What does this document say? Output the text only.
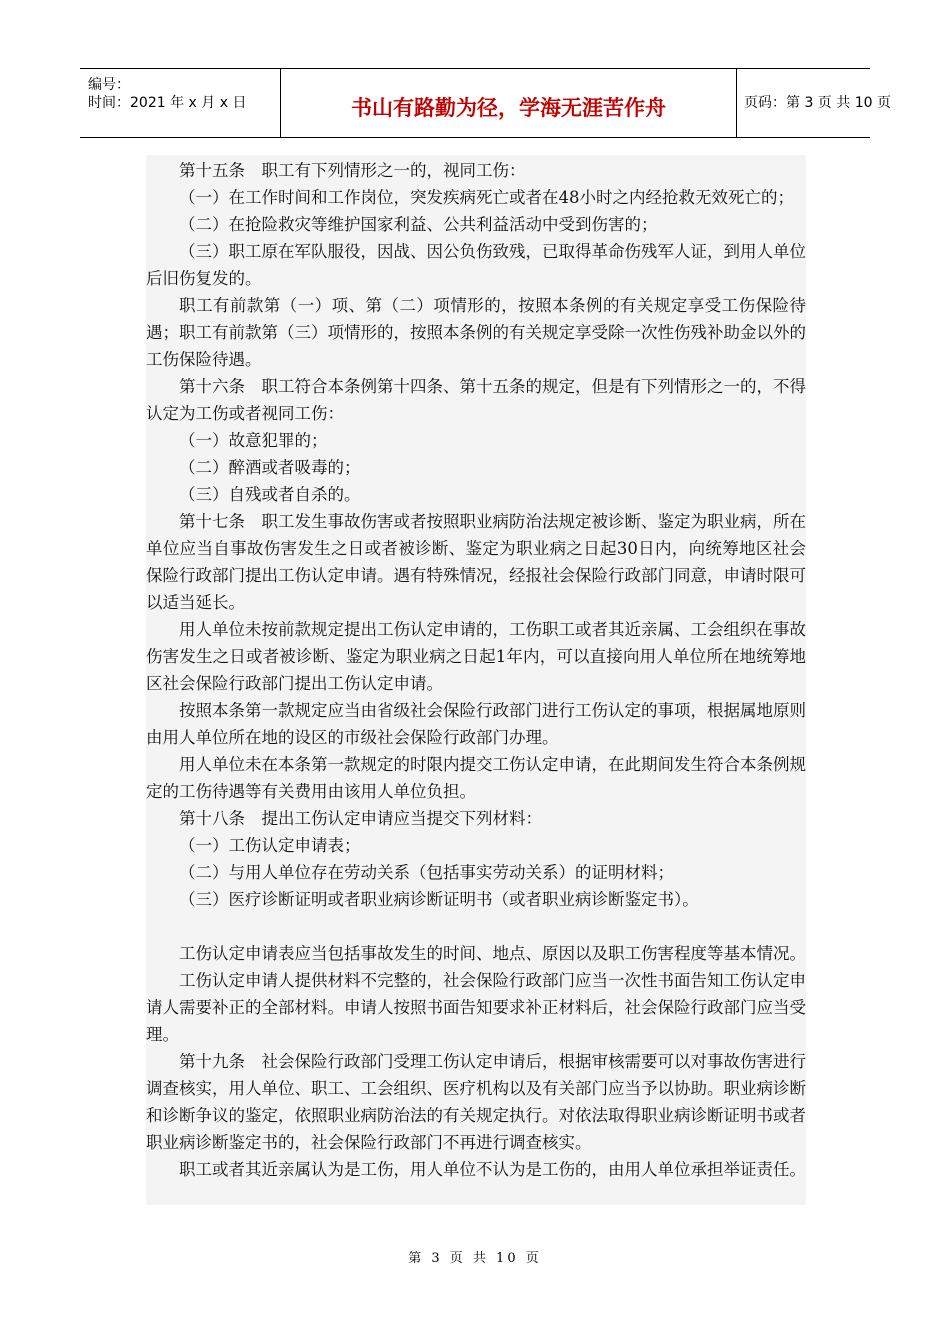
编号：
时间：2021 年 x 月 x 日	书山有路勤为径，学海无涯苦作舟	页码：第 3 页 共 10 页

第十五条　职工有下列情形之一的，视同工伤：

（一）在工作时间和工作岗位，突发疾病死亡或者在48小时之内经抢救无效死亡的；

（二）在抢险救灾等维护国家利益、公共利益活动中受到伤害的；

（三）职工原在军队服役，因战、因公负伤致残，已取得革命伤残军人证，到用人单位后旧伤复发的。

职工有前款第（一）项、第（二）项情形的，按照本条例的有关规定享受工伤保险待遇；职工有前款第（三）项情形的，按照本条例的有关规定享受除一次性伤残补助金以外的工伤保险待遇。

第十六条　职工符合本条例第十四条、第十五条的规定，但是有下列情形之一的，不得认定为工伤或者视同工伤：

（一）故意犯罪的；

（二）醉酒或者吸毒的；

（三）自残或者自杀的。

第十七条　职工发生事故伤害或者按照职业病防治法规定被诊断、鉴定为职业病，所在单位应当自事故伤害发生之日或者被诊断、鉴定为职业病之日起30日内，向统筹地区社会保险行政部门提出工伤认定申请。遇有特殊情况，经报社会保险行政部门同意，申请时限可以适当延长。

用人单位未按前款规定提出工伤认定申请的，工伤职工或者其近亲属、工会组织在事故伤害发生之日或者被诊断、鉴定为职业病之日起1年内，可以直接向用人单位所在地统筹地区社会保险行政部门提出工伤认定申请。

按照本条第一款规定应当由省级社会保险行政部门进行工伤认定的事项，根据属地原则由用人单位所在地的设区的市级社会保险行政部门办理。

用人单位未在本条第一款规定的时限内提交工伤认定申请，在此期间发生符合本条例规定的工伤待遇等有关费用由该用人单位负担。

第十八条　提出工伤认定申请应当提交下列材料：

（一）工伤认定申请表；

（二）与用人单位存在劳动关系（包括事实劳动关系）的证明材料；

（三）医疗诊断证明或者职业病诊断证明书（或者职业病诊断鉴定书）。

工伤认定申请表应当包括事故发生的时间、地点、原因以及职工伤害程度等基本情况。

工伤认定申请人提供材料不完整的，社会保险行政部门应当一次性书面告知工伤认定申请人需要补正的全部材料。申请人按照书面告知要求补正材料后，社会保险行政部门应当受理。

第十九条　社会保险行政部门受理工伤认定申请后，根据审核需要可以对事故伤害进行调查核实，用人单位、职工、工会组织、医疗机构以及有关部门应当予以协助。职业病诊断和诊断争议的鉴定，依照职业病防治法的有关规定执行。对依法取得职业病诊断证明书或者职业病诊断鉴定书的，社会保险行政部门不再进行调查核实。

职工或者其近亲属认为是工伤，用人单位不认为是工伤的，由用人单位承担举证责任。

第 3 页 共 10 页
